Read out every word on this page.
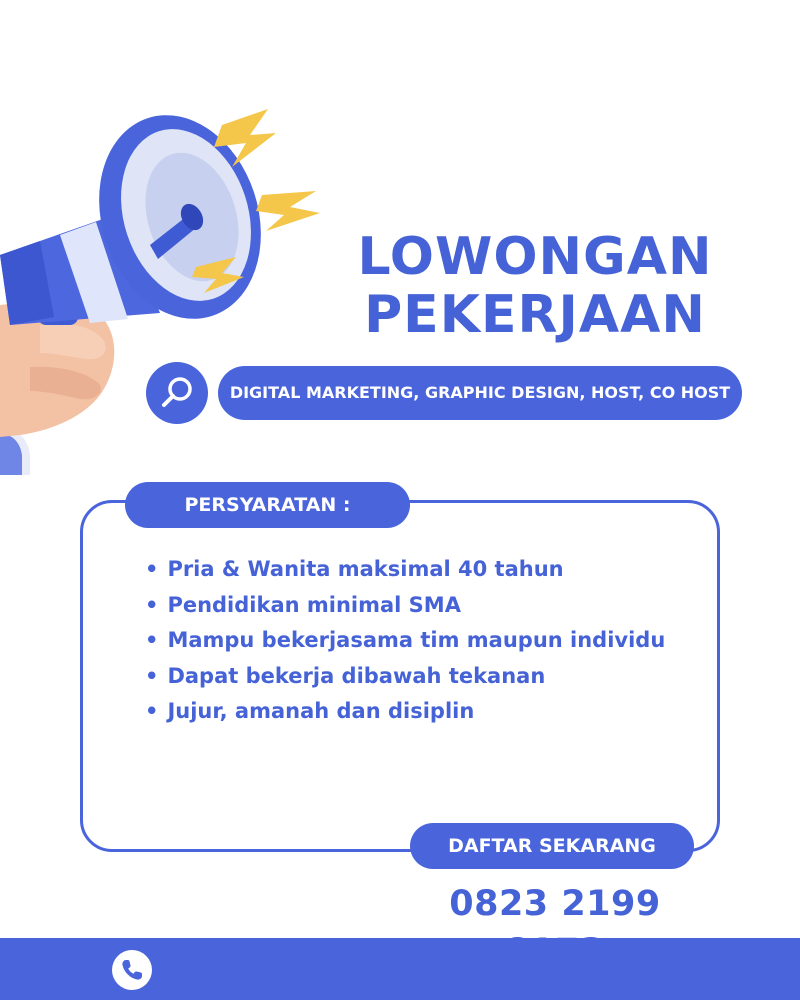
LOWONGAN
PEKERJAAN
DIGITAL MARKETING, GRAPHIC DESIGN, HOST, CO HOST
PERSYARATAN :
• Pria & Wanita maksimal 40 tahun
• Pendidikan minimal SMA
• Mampu bekerjasama tim maupun individu
• Dapat bekerja dibawah tekanan
• Jujur, amanah dan disiplin
DAFTAR SEKARANG
0823 2199
